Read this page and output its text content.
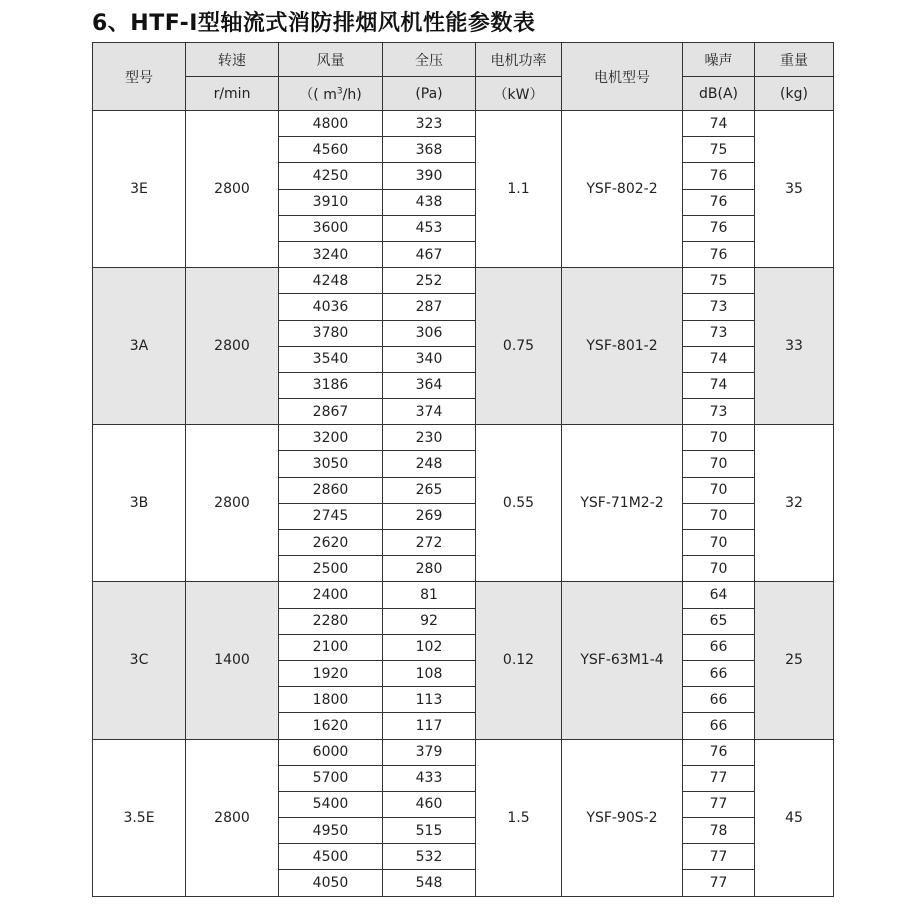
6、HTF-I型轴流式消防排烟风机性能参数表
型号	转速	风量	全压	电机功率	电机型号	噪声	重量
	r/min	（( $m^3/h$)	(Pa)	（kW）		dB(A)	(kg)
3E	2800	4800	323	1.1	YSF-802-2	74	35
		4560	368			75	
		4250	390			76	
		3910	438			76	
		3600	453			76	
		3240	467			76	
3A	2800	4248	252	0.75	YSF-801-2	75	33
		4036	287			73	
		3780	306			73	
		3540	340			74	
		3186	364			74	
		2867	374			73	
3B	2800	3200	230	0.55	YSF-71M2-2	70	32
		3050	248			70	
		2860	265			70	
		2745	269			70	
		2620	272			70	
		2500	280			70	
3C	1400	2400	81	0.12	YSF-63M1-4	64	25
		2280	92			65	
		2100	102			66	
		1920	108			66	
		1800	113			66	
		1620	117			66	
3.5E	2800	6000	379	1.5	YSF-90S-2	76	45
		5700	433			77	
		5400	460			77	
		4950	515			78	
		4500	532			77	
		4050	548			77	
